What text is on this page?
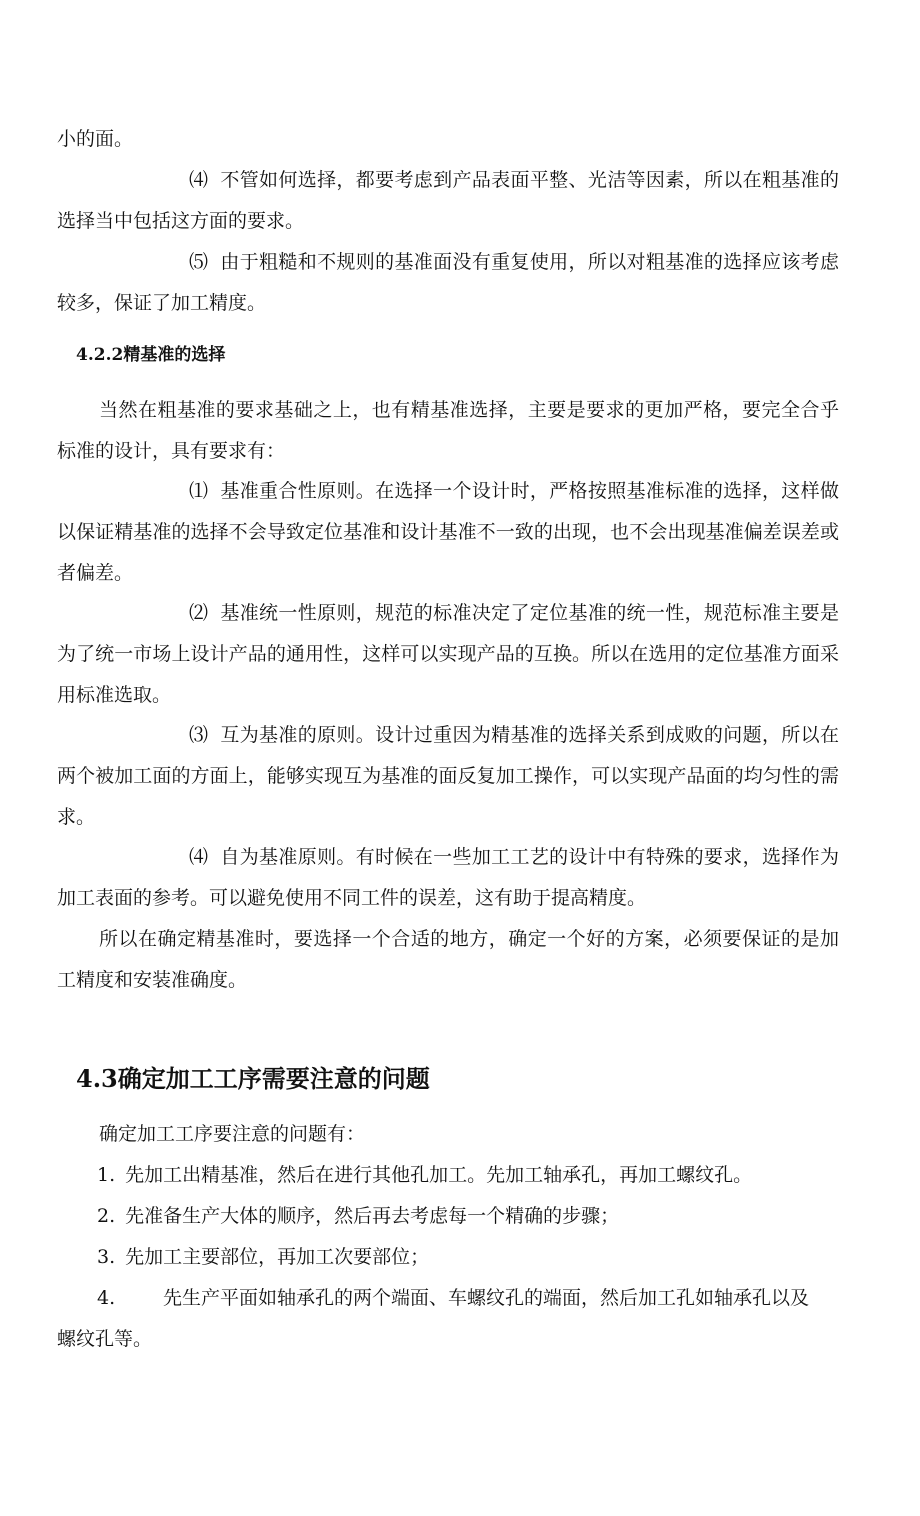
小的面。

⑷ 不管如何选择，都要考虑到产品表面平整、光洁等因素，所以在粗基准的选择当中包括这方面的要求。

⑸ 由于粗糙和不规则的基准面没有重复使用，所以对粗基准的选择应该考虑较多，保证了加工精度。

4.2.2精基准的选择

当然在粗基准的要求基础之上，也有精基准选择，主要是要求的更加严格，要完全合乎标准的设计，具有要求有：

⑴ 基准重合性原则。在选择一个设计时，严格按照基准标准的选择，这样做以保证精基准的选择不会导致定位基准和设计基准不一致的出现，也不会出现基准偏差误差或者偏差。

⑵ 基准统一性原则，规范的标准决定了定位基准的统一性，规范标准主要是为了统一市场上设计产品的通用性，这样可以实现产品的互换。所以在选用的定位基准方面采用标准选取。

⑶ 互为基准的原则。设计过重因为精基准的选择关系到成败的问题，所以在两个被加工面的方面上，能够实现互为基准的面反复加工操作，可以实现产品面的均匀性的需求。

⑷ 自为基准原则。有时候在一些加工工艺的设计中有特殊的要求，选择作为加工表面的参考。可以避免使用不同工件的误差，这有助于提高精度。

所以在确定精基准时，要选择一个合适的地方，确定一个好的方案，必须要保证的是加工精度和安装准确度。

4.3确定加工工序需要注意的问题

确定加工工序要注意的问题有：

1. 先加工出精基准，然后在进行其他孔加工。先加工轴承孔，再加工螺纹孔。

2. 先准备生产大体的顺序，然后再去考虑每一个精确的步骤；

3. 先加工主要部位，再加工次要部位；

4.	先生产平面如轴承孔的两个端面、车螺纹孔的端面，然后加工孔如轴承孔以及
螺纹孔等。
